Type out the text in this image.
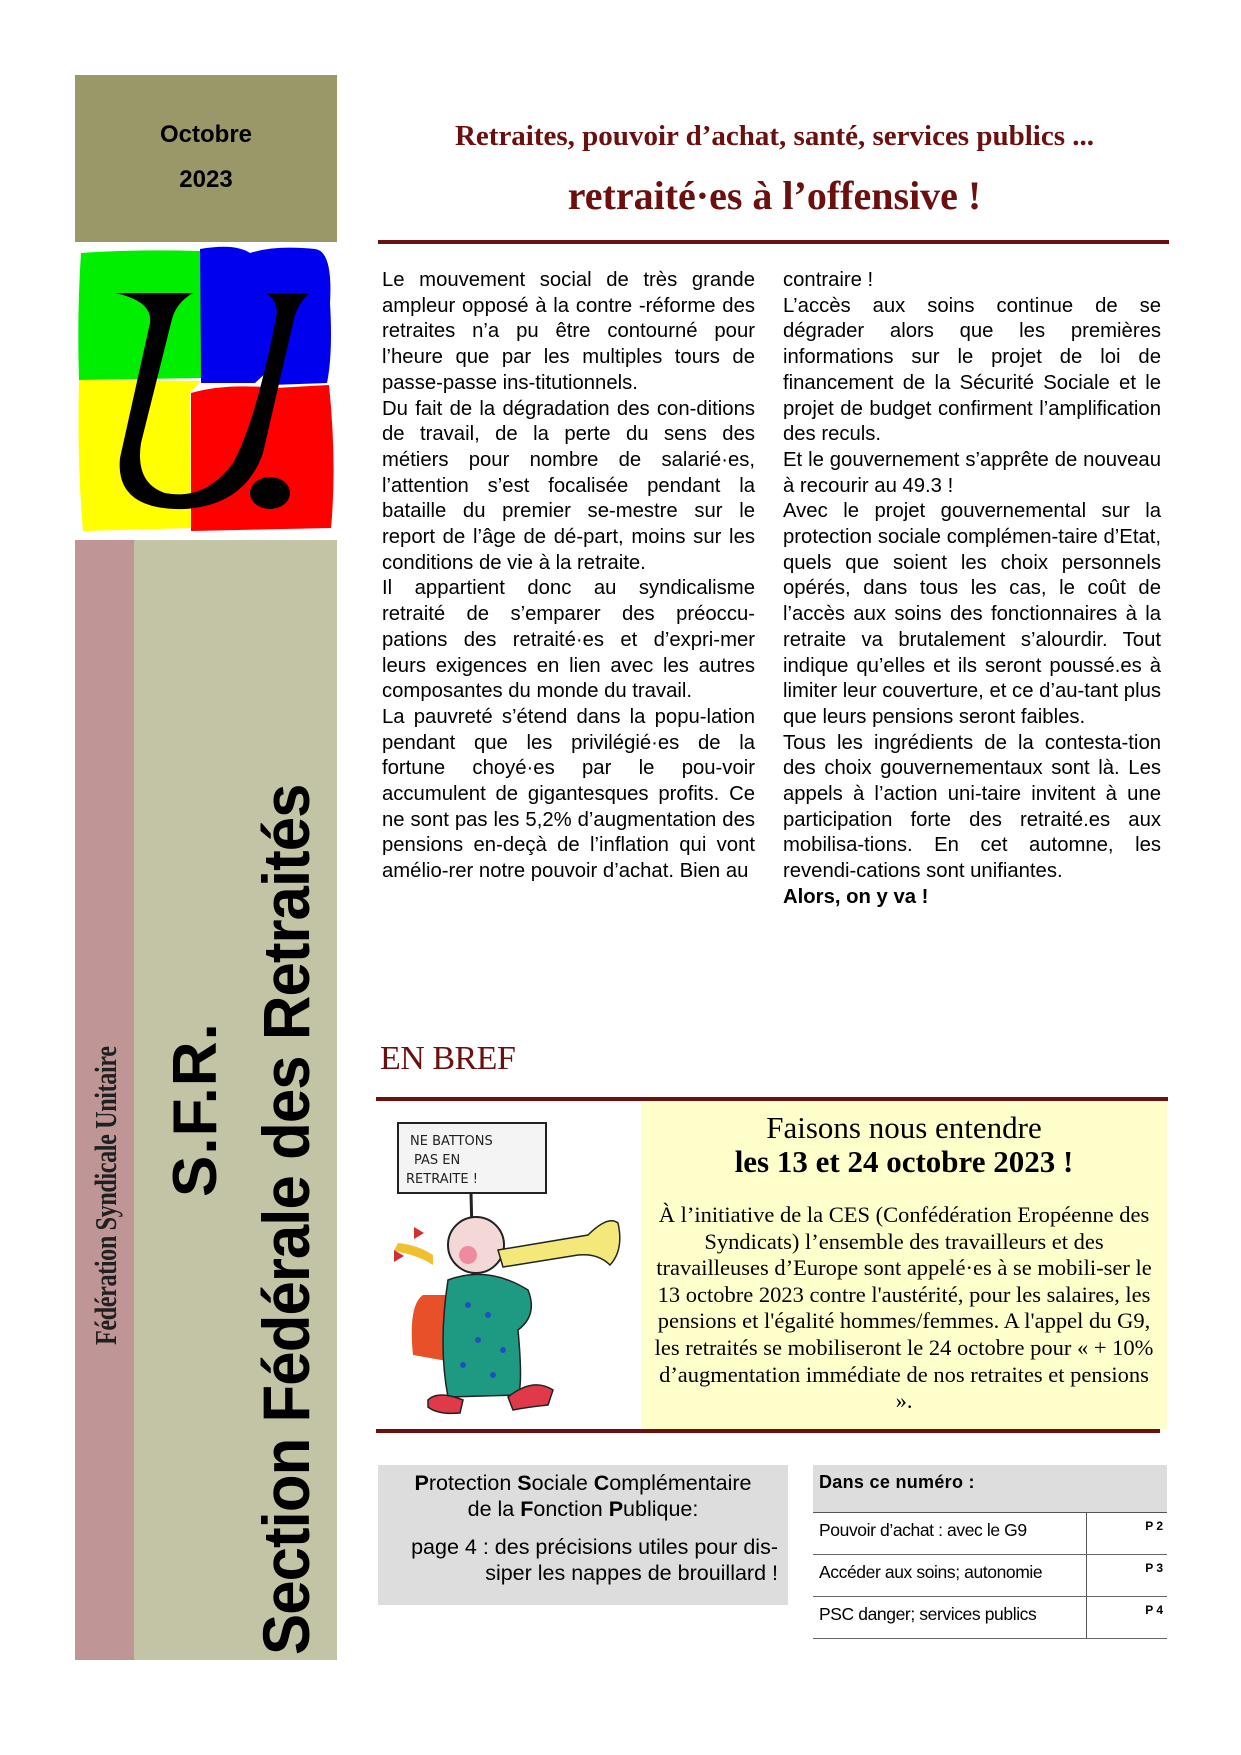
Octobre
2023
Fédération Syndicale Unitaire S.F.R. Section Fédérale des Retraités
Retraites, pouvoir d’achat, santé, services publics ...
retraité·es à l’offensive !

Le mouvement social de très grande ampleur opposé à la contre -réforme des retraites n’a pu être contourné pour l’heure que par les multiples tours de passe-passe ins-titutionnels.

Du fait de la dégradation des con-ditions de travail, de la perte du sens des métiers pour nombre de salarié·es, l’attention s’est focalisée pendant la bataille du premier se-mestre sur le report de l’âge de dé-part, moins sur les conditions de vie à la retraite.

Il appartient donc au syndicalisme retraité de s’emparer des préoccu-pations des retraité·es et d’expri-mer leurs exigences en lien avec les autres composantes du monde du travail.

La pauvreté s’étend dans la popu-lation pendant que les privilégié·es de la fortune choyé·es par le pou-voir accumulent de gigantesques profits. Ce ne sont pas les 5,2% d’augmentation des pensions en-deçà de l’inflation qui vont amélio-rer notre pouvoir d’achat. Bien au

contraire !

L’accès aux soins continue de se dégrader alors que les premières informations sur le projet de loi de financement de la Sécurité Sociale et le projet de budget confirment l’amplification des reculs.

Et le gouvernement s’apprête de nouveau à recourir au 49.3 !

Avec le projet gouvernemental sur la protection sociale complémen-taire d’Etat, quels que soient les choix personnels opérés, dans tous les cas, le coût de l’accès aux soins des fonctionnaires à la retraite va brutalement s’alourdir. Tout indique qu’elles et ils seront poussé.es à limiter leur couverture, et ce d’au-tant plus que leurs pensions seront faibles.

Tous les ingrédients de la contesta-tion des choix gouvernementaux sont là. Les appels à l’action uni-taire invitent à une participation forte des retraité.es aux mobilisa-tions. En cet automne, les revendi-cations sont unifiantes.

Alors, on y va !

EN BREF
NE BATTONS
PAS EN
RETRAITE !
Faisons nous entendre
les 13 et 24 octobre 2023 !
À l’initiative de la CES (Confédération Eropéenne des Syndicats) l’ensemble des travailleurs et des travailleuses d’Europe sont appelé·es à se mobili-ser le 13 octobre 2023 contre l'austérité, pour les salaires, les pensions et l'égalité hommes/femmes. A l'appel du G9, les retraités se mobiliseront le 24 octobre pour « + 10% d’augmentation immédiate de nos retraites et pensions ».
Protection Sociale Complémentaire
de la Fonction Publique:
page 4 : des précisions utiles pour dis-siper les nappes de brouillard !
Dans ce numéro :
Pouvoir d’achat : avec le G9	P 2
Accéder aux soins; autonomie	P 3
PSC danger; services publics	P 4
